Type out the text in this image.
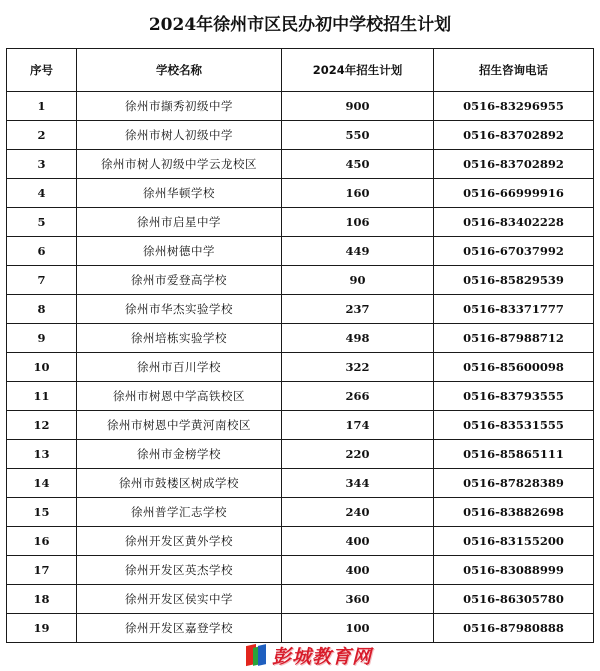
2024年徐州市区民办初中学校招生计划
序号	学校名称	2024年招生计划	招生咨询电话
1	徐州市撷秀初级中学	900	0516-83296955
2	徐州市树人初级中学	550	0516-83702892
3	徐州市树人初级中学云龙校区	450	0516-83702892
4	徐州华顿学校	160	0516-66999916
5	徐州市启星中学	106	0516-83402228
6	徐州树德中学	449	0516-67037992
7	徐州市爱登高学校	90	0516-85829539
8	徐州市华杰实验学校	237	0516-83371777
9	徐州培栋实验学校	498	0516-87988712
10	徐州市百川学校	322	0516-85600098
11	徐州市树恩中学高铁校区	266	0516-83793555
12	徐州市树恩中学黄河南校区	174	0516-83531555
13	徐州市金榜学校	220	0516-85865111
14	徐州市鼓楼区树成学校	344	0516-87828389
15	徐州普学汇志学校	240	0516-83882698
16	徐州开发区黄外学校	400	0516-83155200
17	徐州开发区英杰学校	400	0516-83088999
18	徐州开发区侯实中学	360	0516-86305780
19	徐州开发区嘉登学校	100	0516-87980888
彭城教育网
